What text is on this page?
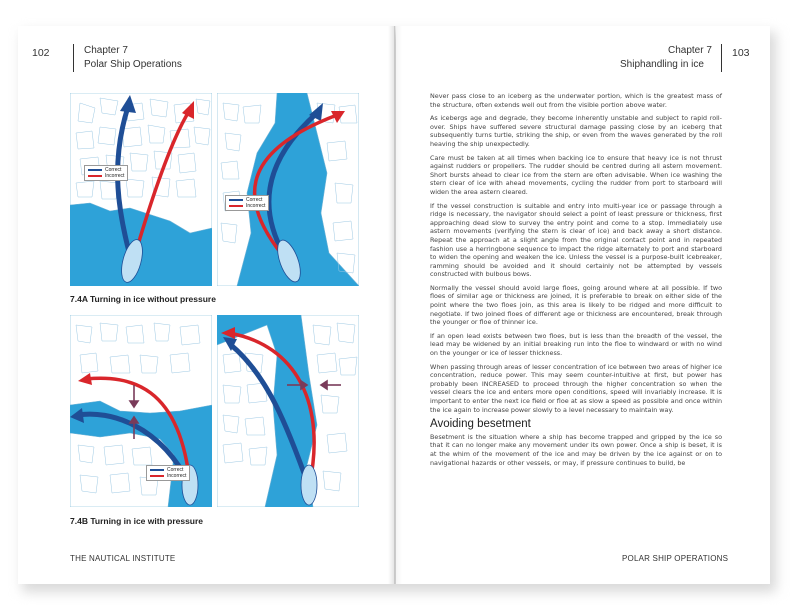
102	Chapter 7
Polar Ship Operations
Chapter 7
Shiphandling in ice
103
Correct
Incorrect
Correct
Incorrect
7.4A Turning in ice without pressure
Correct
Incorrect
7.4B Turning in ice with pressure
THE NAUTICAL INSTITUTE

Never pass close to an iceberg as the underwater portion, which is the greatest mass of the structure, often extends well out from the visible portion above water.

As icebergs age and degrade, they become inherently unstable and subject to rapid roll-over. Ships have suffered severe structural damage passing close by an iceberg that subsequently turns turtle, striking the ship, or even from the waves generated by the roll heaving the ship unexpectedly.

Care must be taken at all times when backing ice to ensure that heavy ice is not thrust against rudders or propellers. The rudder should be centred during all astern movement. Short bursts ahead to clear ice from the stern are often advisable. When ice washing the stern clear of ice with ahead movements, cycling the rudder from port to starboard will widen the area astern cleared.

If the vessel construction is suitable and entry into multi-year ice or passage through a ridge is necessary, the navigator should select a point of least pressure or thickness, first approaching dead slow to survey the entry point and come to a stop. Immediately use astern movements (verifying the stern is clear of ice) and back away a short distance. Repeat the approach at a slight angle from the original contact point and in repeated fashion use a herringbone sequence to impact the ridge alternately to port and starboard to widen the opening and weaken the ice. Unless the vessel is a purpose-built icebreaker, ramming should be avoided and it should certainly not be attempted by vessels constructed with bulbous bows.

Normally the vessel should avoid large floes, going around where at all possible. If two floes of similar age or thickness are joined, it is preferable to break on either side of the point where the two floes join, as this area is likely to be ridged and more difficult to negotiate. If two joined floes of different age or thickness are encountered, break through the younger or floe of thinner ice.

If an open lead exists between two floes, but is less than the breadth of the vessel, the lead may be widened by an initial breaking run into the floe to windward or with no wind on the younger or ice of lesser thickness.

When passing through areas of lesser concentration of ice between two areas of higher ice concentration, reduce power. This may seem counter-intuitive at first, but power has probably been INCREASED to proceed through the higher concentration so when the vessel clears the ice and enters more open conditions, speed will invariably increase. It is important to enter the next ice field or floe at as slow a speed as possible and once within the ice again to increase power slowly to a level necessary to maintain way.

Avoiding besetment

Besetment is the situation where a ship has become trapped and gripped by the ice so that it can no longer make any movement under its own power. Once a ship is beset, it is at the whim of the movement of the ice and may be driven by the ice against or on to navigational hazards or other vessels, or may, if pressure continues to build, be

POLAR SHIP OPERATIONS
